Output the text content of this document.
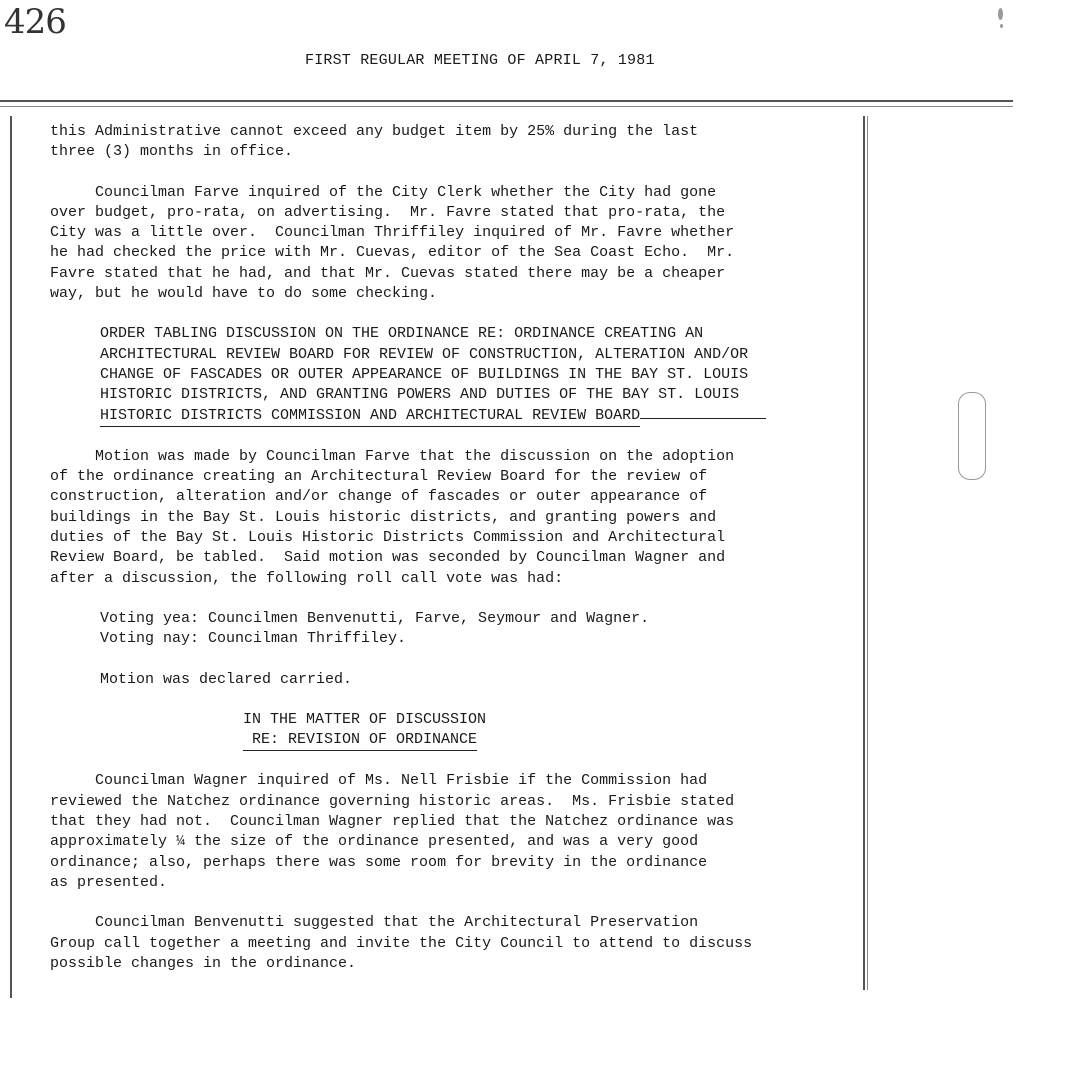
426
FIRST REGULAR MEETING OF APRIL 7, 1981

this Administrative cannot exceed any budget item by 25% during the last

three (3) months in office.

Councilman Farve inquired of the City Clerk whether the City had gone

over budget, pro-rata, on advertising.  Mr. Favre stated that pro-rata, the

City was a little over.  Councilman Thriffiley inquired of Mr. Favre whether

he had checked the price with Mr. Cuevas, editor of the Sea Coast Echo.  Mr.

Favre stated that he had, and that Mr. Cuevas stated there may be a cheaper

way, but he would have to do some checking.

ORDER TABLING DISCUSSION ON THE ORDINANCE RE: ORDINANCE CREATING AN

ARCHITECTURAL REVIEW BOARD FOR REVIEW OF CONSTRUCTION, ALTERATION AND/OR

CHANGE OF FASCADES OR OUTER APPEARANCE OF BUILDINGS IN THE BAY ST. LOUIS

HISTORIC DISTRICTS, AND GRANTING POWERS AND DUTIES OF THE BAY ST. LOUIS

HISTORIC DISTRICTS COMMISSION AND ARCHITECTURAL REVIEW BOARD

Motion was made by Councilman Farve that the discussion on the adoption

of the ordinance creating an Architectural Review Board for the review of

construction, alteration and/or change of fascades or outer appearance of

buildings in the Bay St. Louis historic districts, and granting powers and

duties of the Bay St. Louis Historic Districts Commission and Architectural

Review Board, be tabled.  Said motion was seconded by Councilman Wagner and

after a discussion, the following roll call vote was had:

Voting yea: Councilmen Benvenutti, Farve, Seymour and Wagner.

Voting nay: Councilman Thriffiley.

Motion was declared carried.

IN THE MATTER OF DISCUSSION

RE: REVISION OF ORDINANCE

Councilman Wagner inquired of Ms. Nell Frisbie if the Commission had

reviewed the Natchez ordinance governing historic areas.  Ms. Frisbie stated

that they had not.  Councilman Wagner replied that the Natchez ordinance was

approximately ¼ the size of the ordinance presented, and was a very good

ordinance; also, perhaps there was some room for brevity in the ordinance

as presented.

Councilman Benvenutti suggested that the Architectural Preservation

Group call together a meeting and invite the City Council to attend to discuss

possible changes in the ordinance.
